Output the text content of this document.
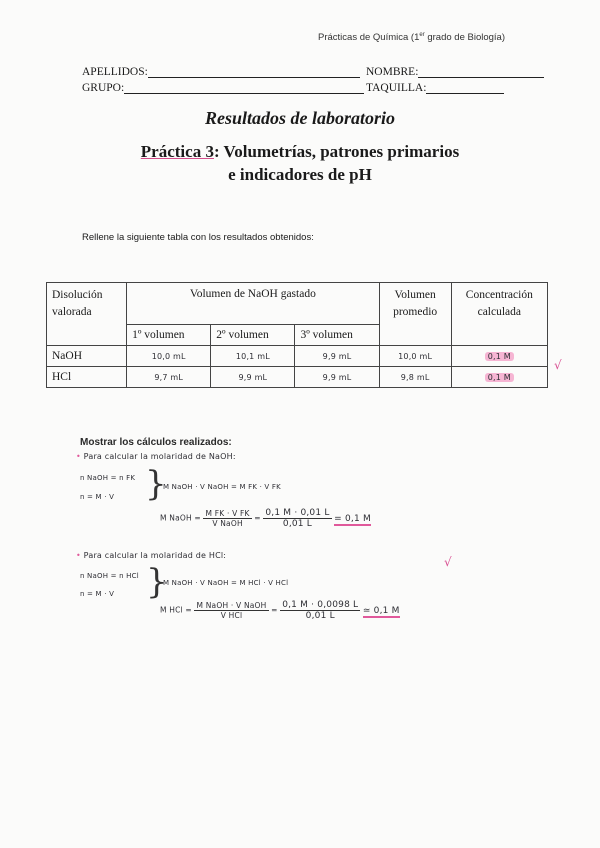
Prácticas de Química (1er grado de Biología)
APELLIDOS:	NOMBRE:
GRUPO:	TAQUILLA:
Resultados de laboratorio
Práctica 3: Volumetrías, patrones primarios
e indicadores de pH
Rellene la siguiente tabla con los resultados obtenidos:
Disolución valorada	Volumen de NaOH gastado			Volumen promedio	Concentración calculada
	1º volumen	2º volumen	3º volumen		
NaOH	10,0 mL	10,1 mL	9,9 mL	10,0 mL	0,1 M
HCl	9,7 mL	9,9 mL	9,9 mL	9,8 mL	0,1 M
√
Mostrar los cálculos realizados:
• Para calcular la molaridad de NaOH:
n NaOH = n FK
n = M · V }
M NaOH · V NaOH = M FK · V FK
M NaOH = $\frac{\text{M FK · V FK}}{\text{V NaOH}} = \frac{0,1 M \cdot 0,01 L}{0,01 L} = 0,1$ M
√
• Para calcular la molaridad de HCl:
n NaOH = n HCl
n = M · V }
M NaOH · V NaOH = M HCl · V HCl
M HCl = $\frac{\text{M NaOH · V NaOH}}{\text{V HCl}} = \frac{0,1 M \cdot 0,0098 L}{0,01 L}$ ≃ 0,1 M
